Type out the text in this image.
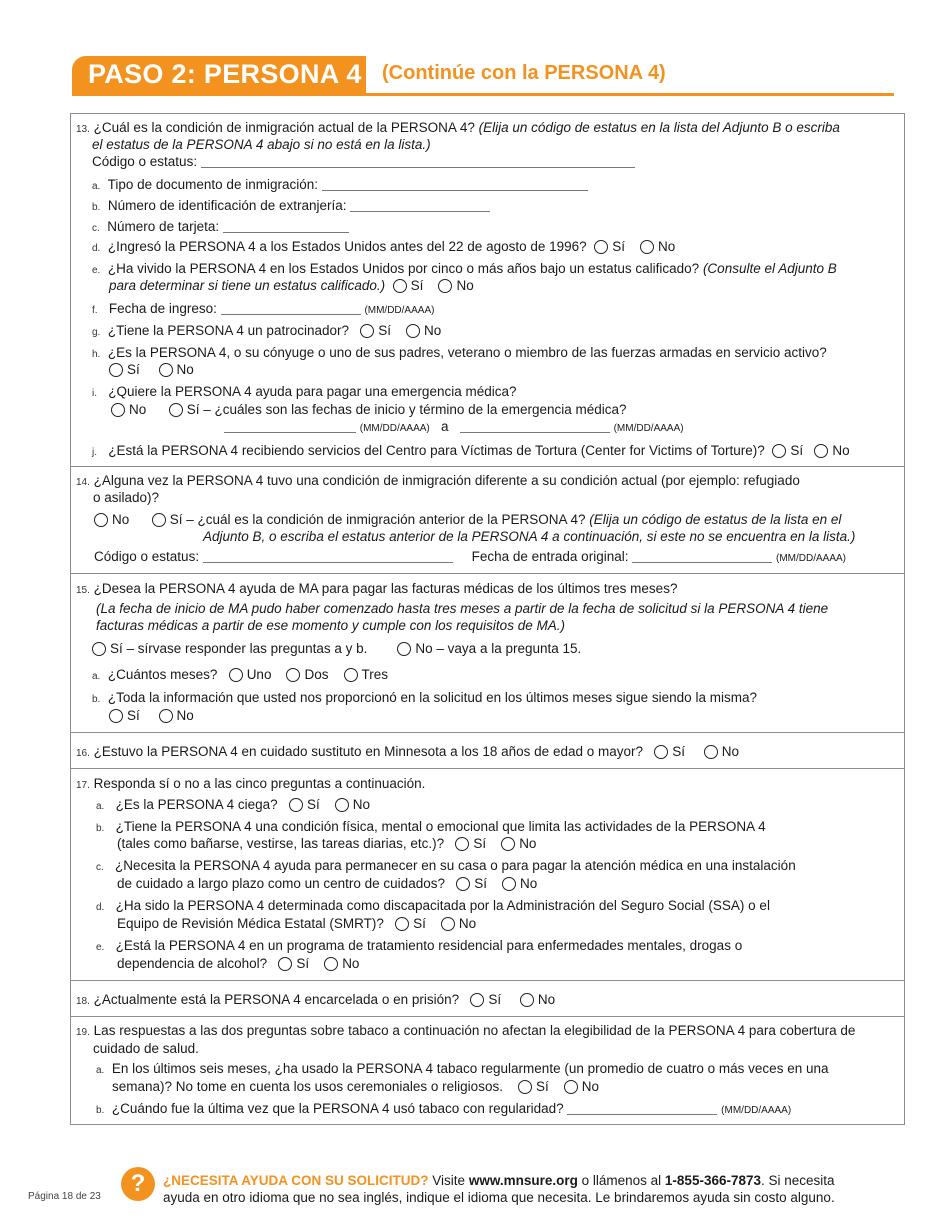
PASO 2: PERSONA 4 (Continúe con la PERSONA 4)
13. ¿Cuál es la condición de inmigración actual de la PERSONA 4? (Elija un código de estatus en la lista del Adjunto B o escriba
el estatus de la PERSONA 4 abajo si no está en la lista.)
Código o estatus:
a. Tipo de documento de inmigración:
b. Número de identificación de extranjería:
c. Número de tarjeta:
d. ¿Ingresó la PERSONA 4 a los Estados Unidos antes del 22 de agosto de 1996? Sí No
e. ¿Ha vivido la PERSONA 4 en los Estados Unidos por cinco o más años bajo un estatus calificado? (Consulte el Adjunto B
para determinar si tiene un estatus calificado.) Sí No
f. Fecha de ingreso:	(MM/DD/AAAA)
g. ¿Tiene la PERSONA 4 un patrocinador? Sí No
h. ¿Es la PERSONA 4, o su cónyuge o uno de sus padres, veterano o miembro de las fuerzas armadas en servicio activo?
Sí	No
i. ¿Quiere la PERSONA 4 ayuda para pagar una emergencia médica?
No	Sí – ¿cuáles son las fechas de inicio y término de la emergencia médica?
(MM/DD/AAAA) a	(MM/DD/AAAA)
j. ¿Está la PERSONA 4 recibiendo servicios del Centro para Víctimas de Tortura (Center for Victims of Torture)? Sí No
14. ¿Alguna vez la PERSONA 4 tuvo una condición de inmigración diferente a su condición actual (por ejemplo: refugiado
o asilado)?
No	Sí – ¿cuál es la condición de inmigración anterior de la PERSONA 4? (Elija un código de estatus de la lista en el
Adjunto B, o escriba el estatus anterior de la PERSONA 4 a continuación, si este no se encuentra en la lista.)
Código o estatus:	Fecha de entrada original:	(MM/DD/AAAA)
15. ¿Desea la PERSONA 4 ayuda de MA para pagar las facturas médicas de los últimos tres meses?
(La fecha de inicio de MA pudo haber comenzado hasta tres meses a partir de la fecha de solicitud si la PERSONA 4 tiene
facturas médicas a partir de ese momento y cumple con los requisitos de MA.)
Sí – sírvase responder las preguntas a y b.	No – vaya a la pregunta 15.
a. ¿Cuántos meses? Uno Dos Tres
b. ¿Toda la información que usted nos proporcionó en la solicitud en los últimos meses sigue siendo la misma?
Sí	No
16. ¿Estuvo la PERSONA 4 en cuidado sustituto en Minnesota a los 18 años de edad o mayor? Sí	No
17. Responda sí o no a las cinco preguntas a continuación.
a. ¿Es la PERSONA 4 ciega? Sí No
b. ¿Tiene la PERSONA 4 una condición física, mental o emocional que limita las actividades de la PERSONA 4
(tales como bañarse, vestirse, las tareas diarias, etc.)? Sí No
c. ¿Necesita la PERSONA 4 ayuda para permanecer en su casa o para pagar la atención médica en una instalación
de cuidado a largo plazo como un centro de cuidados? Sí No
d. ¿Ha sido la PERSONA 4 determinada como discapacitada por la Administración del Seguro Social (SSA) o el
Equipo de Revisión Médica Estatal (SMRT)? Sí No
e. ¿Está la PERSONA 4 en un programa de tratamiento residencial para enfermedades mentales, drogas o
dependencia de alcohol? Sí No
18. ¿Actualmente está la PERSONA 4 encarcelada o en prisión? Sí	No
19. Las respuestas a las dos preguntas sobre tabaco a continuación no afectan la elegibilidad de la PERSONA 4 para cobertura de
cuidado de salud.
a. En los últimos seis meses, ¿ha usado la PERSONA 4 tabaco regularmente (un promedio de cuatro o más veces en una
semana)? No tome en cuenta los usos ceremoniales o religiosos. Sí No
b. ¿Cuándo fue la última vez que la PERSONA 4 usó tabaco con regularidad?	(MM/DD/AAAA)
Página 18 de 23	?	¿NECESITA AYUDA CON SU SOLICITUD? Visite www.mnsure.org o llámenos al 1-855-366-7873. Si necesita
ayuda en otro idioma que no sea inglés, indique el idioma que necesita. Le brindaremos ayuda sin costo alguno.
